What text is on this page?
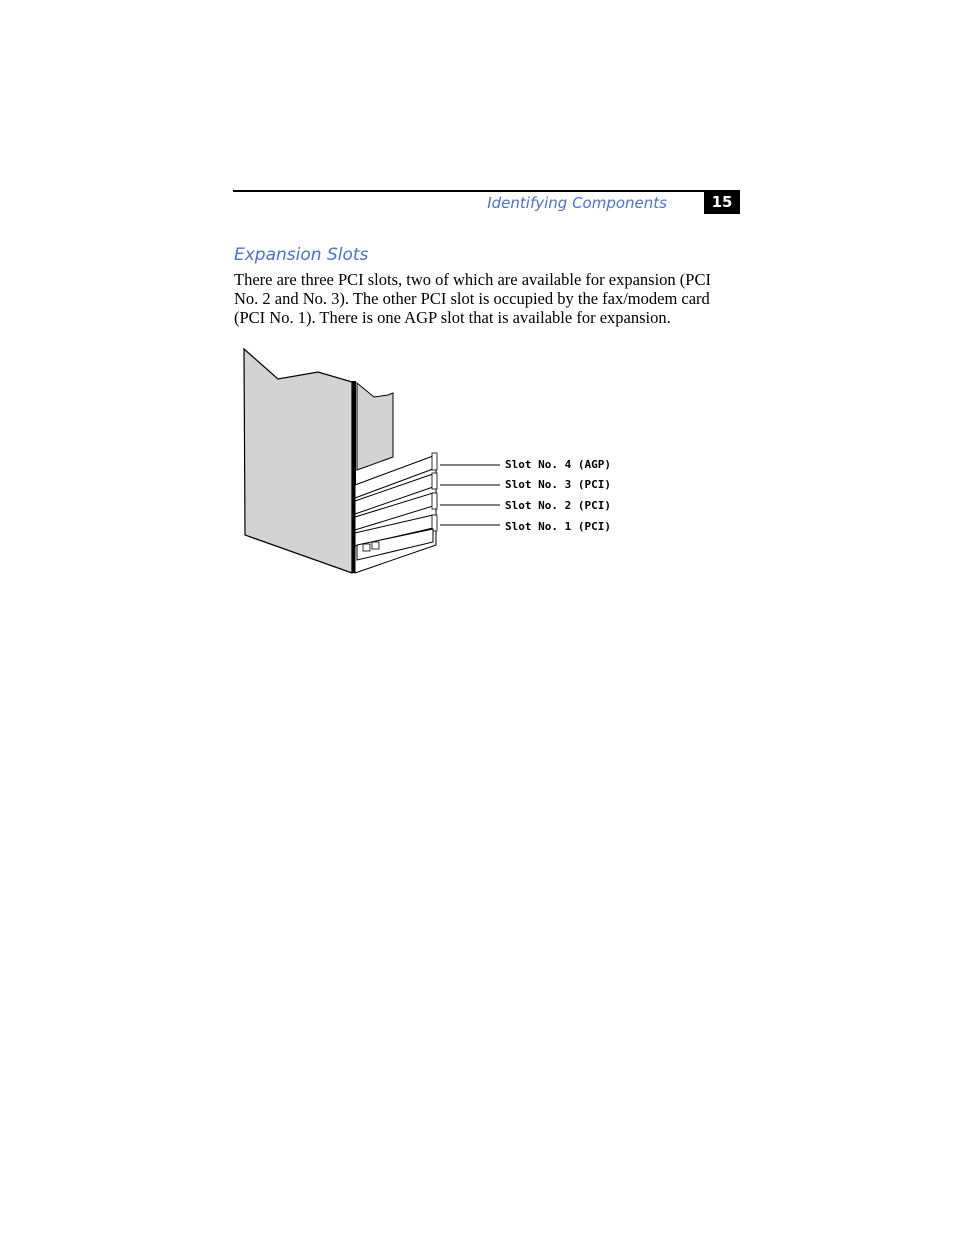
Identifying Components	15
Expansion Slots
There are three PCI slots, two of which are available for expansion (PCI No. 2 and No. 3). The other PCI slot is occupied by the fax/modem card (PCI No. 1). There is one AGP slot that is available for expansion.
Slot No. 4 (AGP)
Slot No. 3 (PCI)
Slot No. 2 (PCI)
Slot No. 1 (PCI)
